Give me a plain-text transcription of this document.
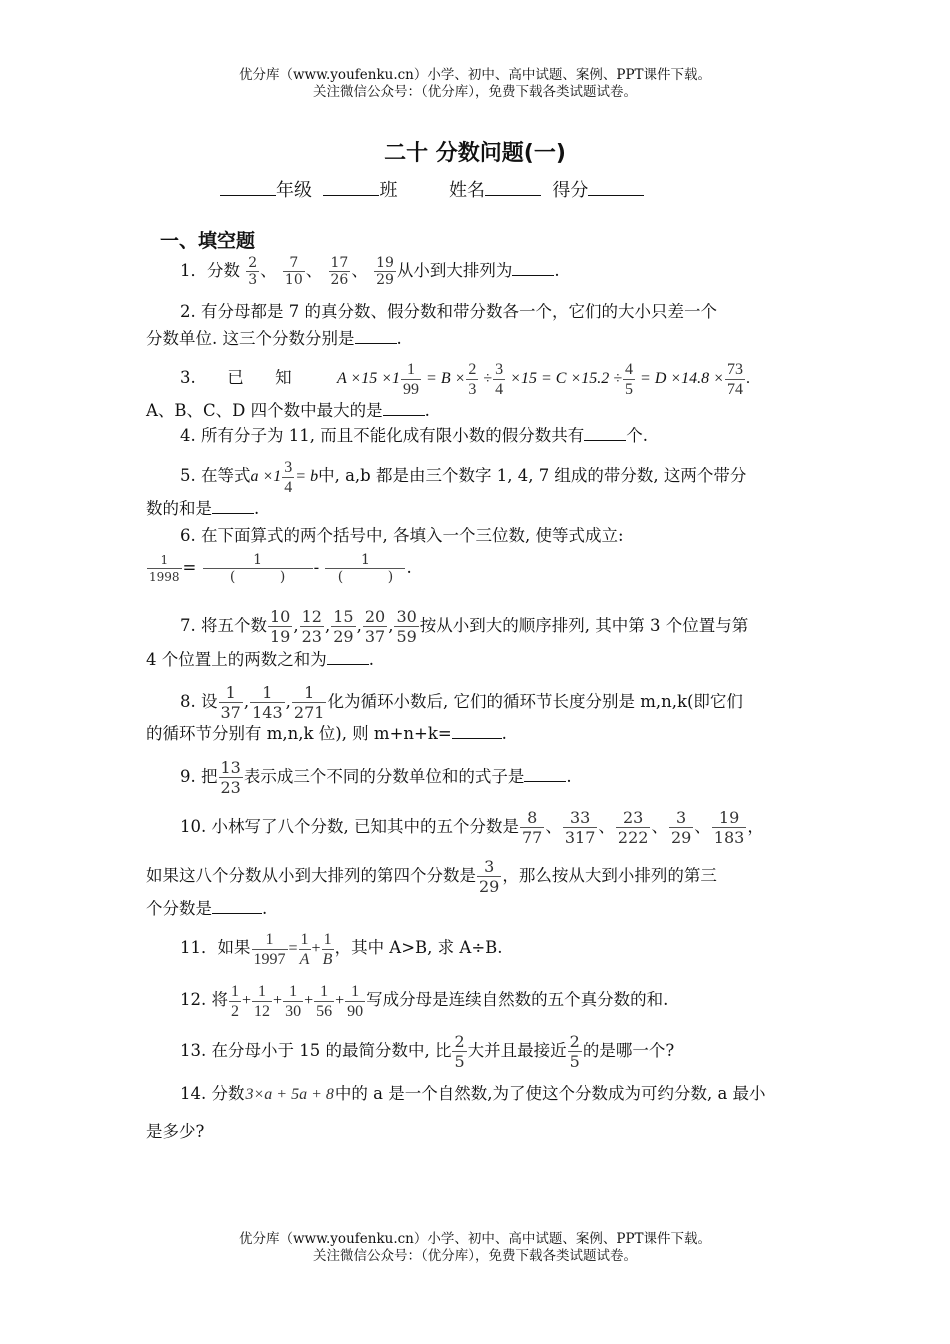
优分库（www.youfenku.cn）小学、初中、高中试题、案例、PPT课件下载。
关注微信公众号：（优分库），免费下载各类试题试卷。
二十 分数问题(一)
年级	班	姓名	得分
一、填空题
1．分数 $\frac{2}{3}$ 、 $\frac{7}{10}$ 、 $\frac{17}{26}$ 、 $\frac{19}{29}$ 从小到大排列为	.
2. 有分母都是 7 的真分数、假分数和带分数各一个，它们的大小只差一个
分数单位. 这三个分数分别是	.
3.      已      知	$A \times 15 \times 1 \frac{1}{99} = B \times \frac{2}{3} \div \frac{3}{4} \times 15 = C \times 15.2 \div \frac{4}{5} = D \times 14.8 \times \frac{73}{74}$ .
A、B、C、D 四个数中最大的是	.
4. 所有分子为 11, 而且不能化成有限小数的假分数共有	个.
5. 在等式$a \times 1 \frac{3}{4} = b$中, a,b 都是由三个数字 1, 4, 7 组成的带分数, 这两个带分
数的和是	.
6. 在下面算式的两个括号中, 各填入一个三位数, 使等式成立:
$\frac{1}{1998} = \frac{1}{( )} - \frac{1}{( )}$ .
7. 将五个数 $\frac{10}{19}$ , $\frac{12}{23}$ , $\frac{15}{29}$ , $\frac{20}{37}$ , $\frac{30}{59}$ 按从小到大的顺序排列, 其中第 3 个位置与第
4 个位置上的两数之和为	.
8. 设 $\frac{1}{37}$ , $\frac{1}{143}$ , $\frac{1}{271}$ 化为循环小数后, 它们的循环节长度分别是 m,n,k(即它们
的循环节分别有 m,n,k 位), 则 m+n+k=	.
9. 把 $\frac{13}{23}$ 表示成三个不同的分数单位和的式子是	.
10. 小林写了八个分数, 已知其中的五个分数是 $\frac{8}{77}$ 、 $\frac{33}{317}$ 、 $\frac{23}{222}$ 、 $\frac{3}{29}$ 、 $\frac{19}{183}$ ，
如果这八个分数从小到大排列的第四个分数是 $\frac{3}{29}$ ，那么按从大到小排列的第三
个分数是	.
11．如果 $\frac{1}{1997} = \frac{1}{A}+ \frac{1}{B}$，其中 A>B, 求 A÷B.
12. 将 $\frac{1}{2} + \frac{1}{12} + \frac{1}{30} + \frac{1}{56} + \frac{1}{90}$ 写成分母是连续自然数的五个真分数的和.
13. 在分母小于 15 的最简分数中, 比 $\frac{2}{5}$ 大并且最接近 $\frac{2}{5}$ 的是哪一个?
14. 分数3×a + 5a + 8中的 a 是一个自然数,为了使这个分数成为可约分数, a 最小
是多少?
优分库（www.youfenku.cn）小学、初中、高中试题、案例、PPT课件下载。
关注微信公众号：（优分库），免费下载各类试题试卷。
